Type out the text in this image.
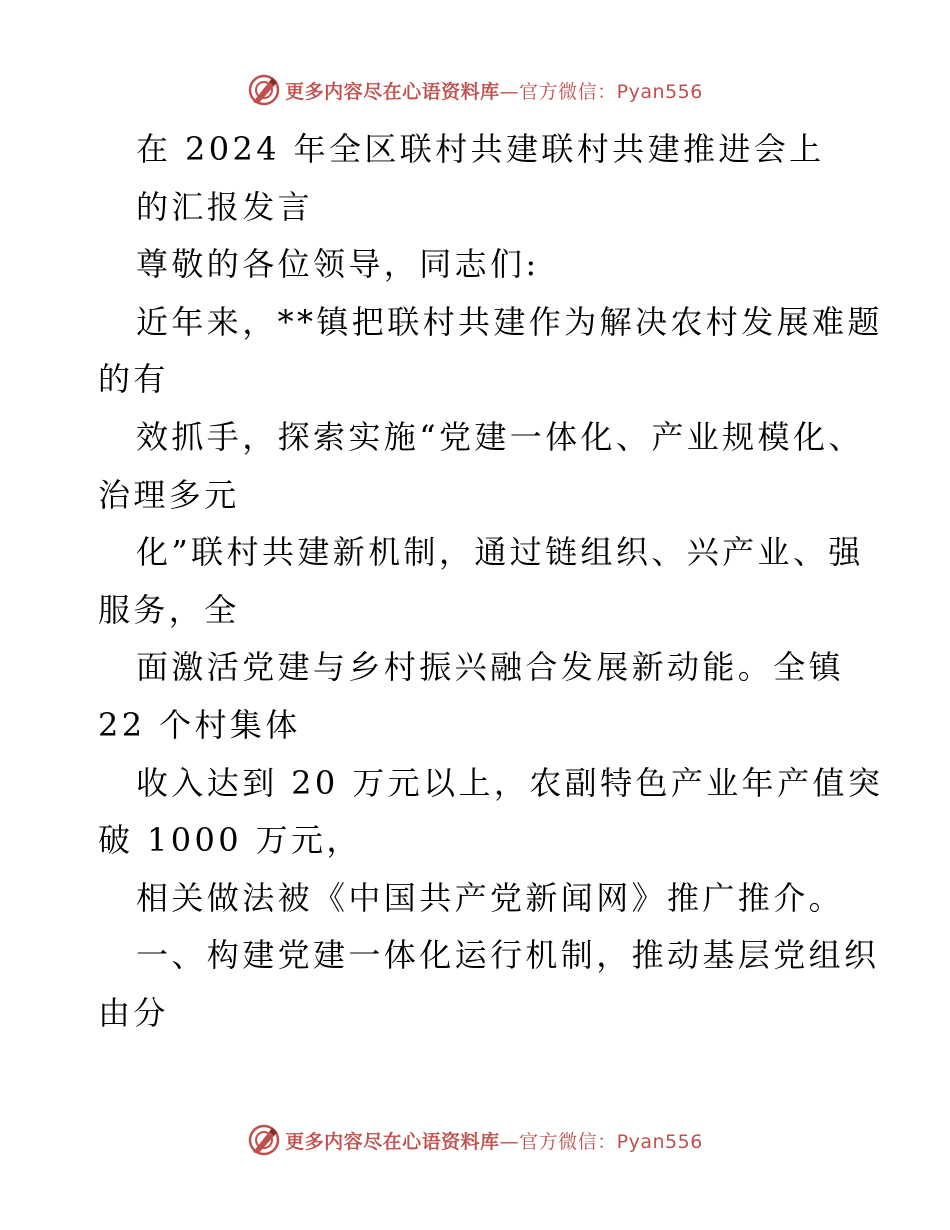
更多内容尽在心语资料库 —官方微信：Pyan556
在 2024 年全区联村共建联村共建推进会上
的汇报发言
尊敬的各位领导，同志们:
近年来，**镇把联村共建作为解决农村发展难题
的有
效抓手，探索实施“党建一体化、产业规模化、
治理多元
化”联村共建新机制，通过链组织、兴产业、强
服务，全
面激活党建与乡村振兴融合发展新动能。全镇
22 个村集体
收入达到 20 万元以上，农副特色产业年产值突
破 1000 万元，
相关做法被《中国共产党新闻网》推广推介。
一、构建党建一体化运行机制，推动基层党组织
由分
更多内容尽在心语资料库 —官方微信：Pyan556
